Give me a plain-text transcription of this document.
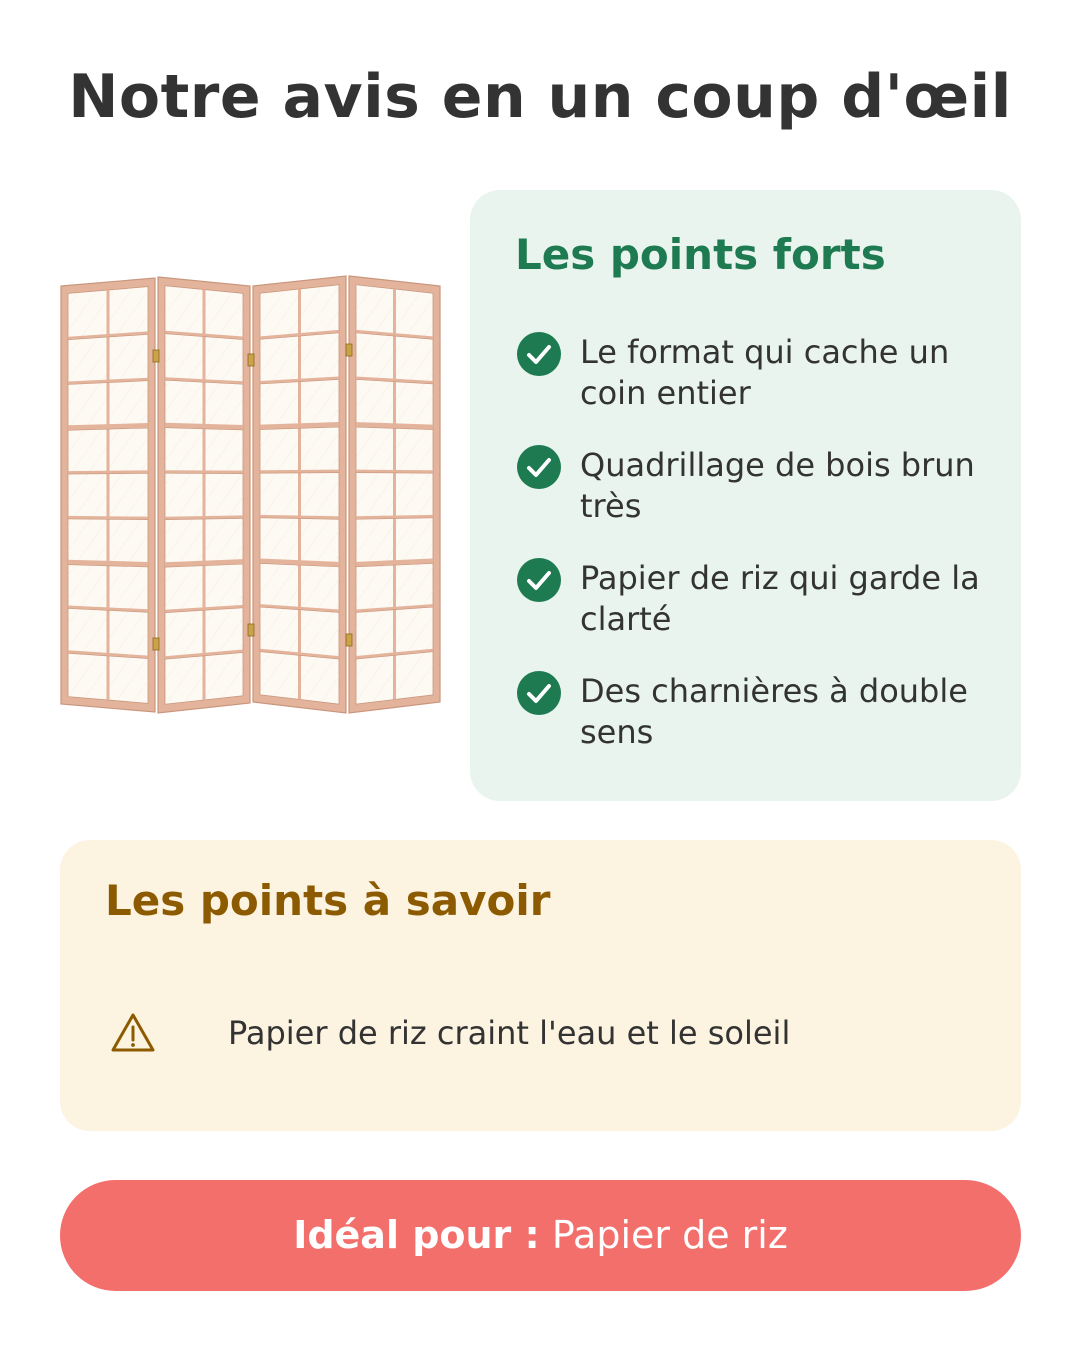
Notre avis en un coup d'œil
Les points forts
Le format qui cache un coin entier
Quadrillage de bois brun très
Papier de riz qui garde la clarté
Des charnières à double sens
Les points à savoir
Papier de riz craint l'eau et le soleil
Idéal pour : Papier de riz
